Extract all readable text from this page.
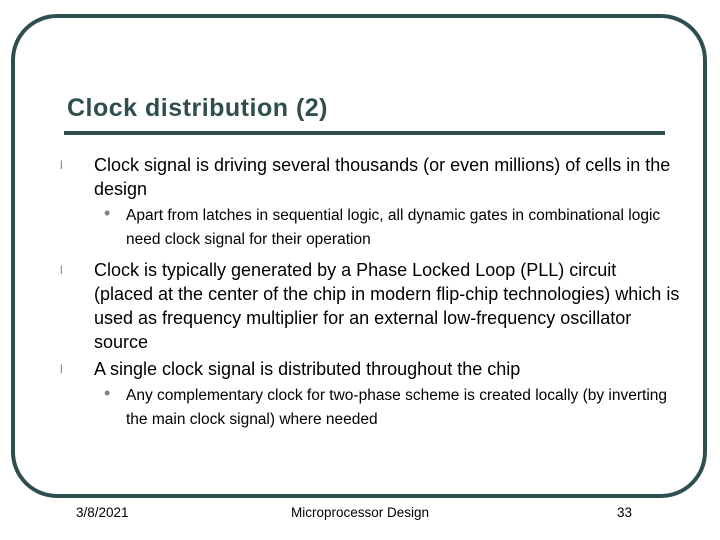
Clock distribution (2)
l	Clock signal is driving several thousands (or even millions) of cells in the design
• Apart from latches in sequential logic, all dynamic gates in combinational logic need clock signal for their operation
l	Clock is typically generated by a Phase Locked Loop (PLL) circuit (placed at the center of the chip in modern flip-chip technologies) which is used as frequency multiplier for an external low-frequency oscillator source
l	A single clock signal is distributed throughout the chip
• Any complementary clock for two-phase scheme is created locally (by inverting the main clock signal) where needed
3/8/2021	Microprocessor Design	33
